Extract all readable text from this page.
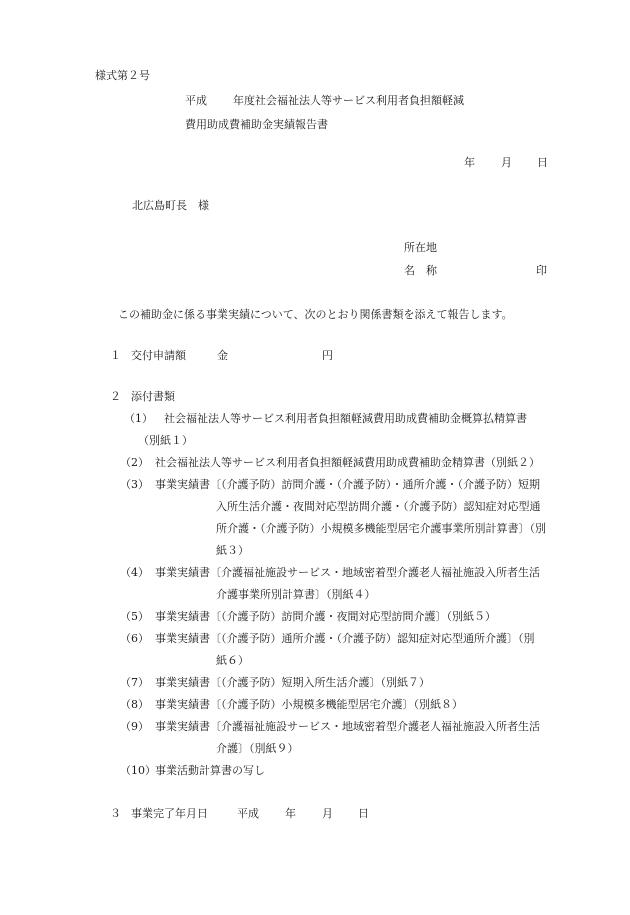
様式第２号
平成 年度社会福祉法人等サービス利用者負担額軽減
費用助成費補助金実績報告書
年 月 日
北広島町長　様
所在地
名　称	印
この補助金に係る事業実績について、次のとおり関係書類を添えて報告します。
１ 交付申請額	金	円
２ 添付書類
（1） 社会福祉法人等サービス利用者負担額軽減費用助成費補助金概算払精算書
（別紙１）
（2） 社会福祉法人等サービス利用者負担額軽減費用助成費補助金精算書（別紙２）
（3） 事業実績書〔（介護予防）訪問介護・（介護予防）・通所介護・（介護予防）短期
入所生活介護・夜間対応型訪問介護・（介護予防）認知症対応型通
所介護・（介護予防）小規模多機能型居宅介護事業所別計算書〕（別
紙３）
（4） 事業実績書〔介護福祉施設サービス・地域密着型介護老人福祉施設入所者生活
介護事業所別計算書〕（別紙４）
（5） 事業実績書〔（介護予防）訪問介護・夜間対応型訪問介護〕（別紙５）
（6） 事業実績書〔（介護予防）通所介護・（介護予防）認知症対応型通所介護〕（別
紙６）
（7） 事業実績書〔（介護予防）短期入所生活介護〕（別紙７）
（8） 事業実績書〔（介護予防）小規模多機能型居宅介護〕（別紙８）
（9） 事業実績書〔介護福祉施設サービス・地域密着型介護老人福祉施設入所者生活
介護〕（別紙９）
（10） 事業活動計算書の写し
３ 事業完了年月日	平成 年 月 日
